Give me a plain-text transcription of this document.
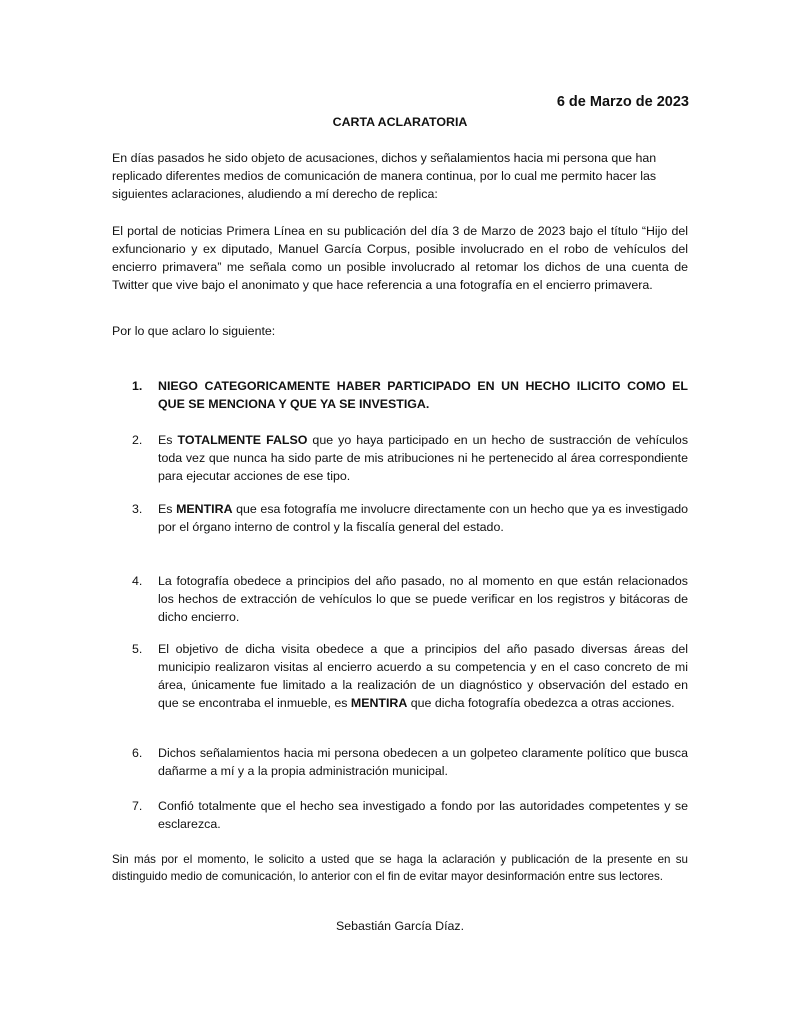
6 de Marzo de 2023
CARTA ACLARATORIA

En días pasados he sido objeto de acusaciones, dichos y señalamientos hacia mi persona que han replicado diferentes medios de comunicación de manera continua, por lo cual me permito hacer las siguientes aclaraciones, aludiendo a mí derecho de replica:

El portal de noticias Primera Línea en su publicación del día 3 de Marzo de 2023 bajo el título “Hijo del exfuncionario y ex diputado, Manuel García Corpus, posible involucrado en el robo de vehículos del encierro primavera” me señala como un posible involucrado al retomar los dichos de una cuenta de Twitter que vive bajo el anonimato y que hace referencia a una fotografía en el encierro primavera.

Por lo que aclaro lo siguiente:

1.	NIEGO CATEGORICAMENTE HABER PARTICIPADO EN UN HECHO ILICITO COMO EL QUE SE MENCIONA Y QUE YA SE INVESTIGA.
2.	Es TOTALMENTE FALSO que yo haya participado en un hecho de sustracción de vehículos toda vez que nunca ha sido parte de mis atribuciones ni he pertenecido al área correspondiente para ejecutar acciones de ese tipo.
3.	Es MENTIRA que esa fotografía me involucre directamente con un hecho que ya es investigado por el órgano interno de control y la fiscalía general del estado.
4.	La fotografía obedece a principios del año pasado, no al momento en que están relacionados los hechos de extracción de vehículos lo que se puede verificar en los registros y bitácoras de dicho encierro.
5.	El objetivo de dicha visita obedece a que a principios del año pasado diversas áreas del municipio realizaron visitas al encierro acuerdo a su competencia y en el caso concreto de mi área, únicamente fue limitado a la realización de un diagnóstico y observación del estado en que se encontraba el inmueble, es MENTIRA que dicha fotografía obedezca a otras acciones.
6.	Dichos señalamientos hacia mi persona obedecen a un golpeteo claramente político que busca dañarme a mí y a la propia administración municipal.
7.	Confió totalmente que el hecho sea investigado a fondo por las autoridades competentes y se esclarezca.

Sin más por el momento, le solicito a usted que se haga la aclaración y publicación de la presente en su distinguido medio de comunicación, lo anterior con el fin de evitar mayor desinformación entre sus lectores.

Sebastián García Díaz.
